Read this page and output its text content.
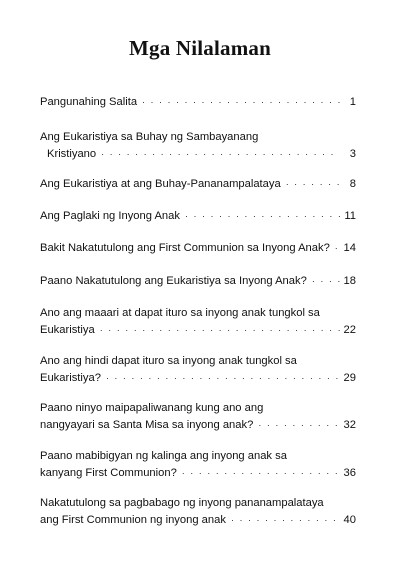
Mga Nilalaman
Pangunahing Salita · · ·	1
Ang Eukaristiya sa Buhay ng Sambayanang
Kristiyano · · ·	3
Ang Eukaristiya at ang Buhay-Pananampalataya · · ·	8
Ang Paglaki ng Inyong Anak · · ·	11
Bakit Nakatutulong ang First Communion sa Inyong Anak? · · · 14
Paano Nakatutulong ang Eukaristiya sa Inyong Anak? · · ·	18
Ano ang maaari at dapat ituro sa inyong anak tungkol sa
Eukaristiya · · ·	22
Ano ang hindi dapat ituro sa inyong anak tungkol sa
Eukaristiya? · · ·	29
Paano ninyo maipapaliwanang kung ano ang
nangyayari sa Santa Misa sa inyong anak? · · ·	32
Paano mabibigyan ng kalinga ang inyong anak sa
kanyang First Communion? · · ·	36
Nakatutulong sa pagbabago ng inyong pananampalataya
ang First Communion ng inyong anak · · ·	40
